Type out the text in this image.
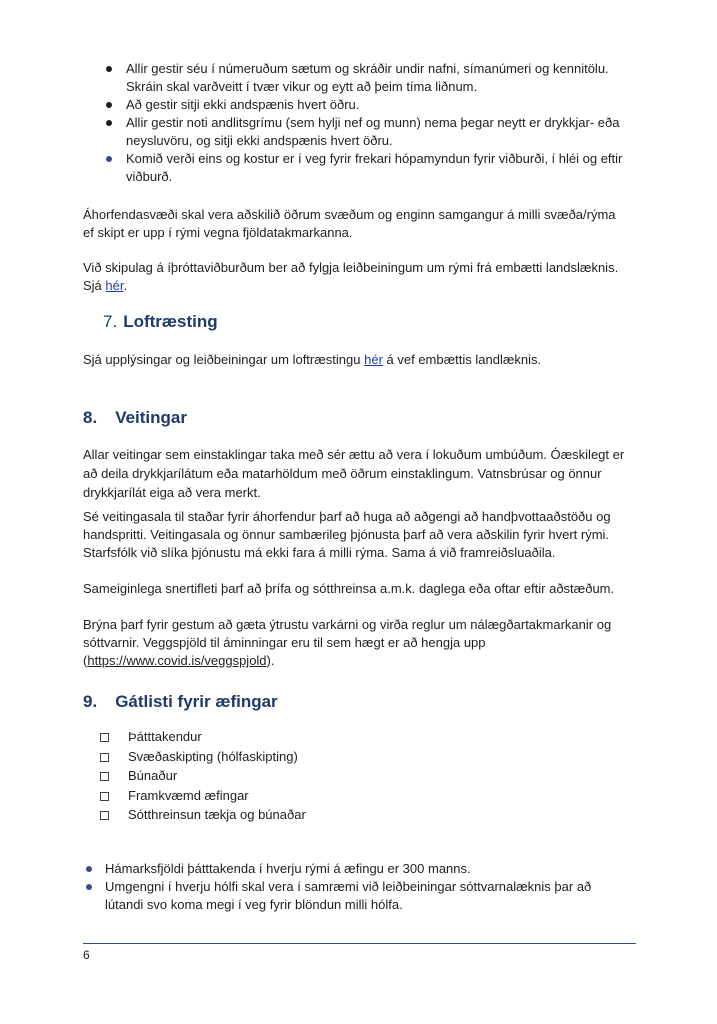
Allir gestir séu í númeruðum sætum og skráðir undir nafni, símanúmeri og kennitölu. Skráin skal varðveitt í tvær vikur og eytt að þeim tíma liðnum.
Að gestir sitji ekki andspænis hvert öðru.
Allir gestir noti andlitsgrímu (sem hylji nef og munn) nema þegar neytt er drykkjar- eða neysluvöru, og sitji ekki andspænis hvert öðru.
Komið verði eins og kostur er í veg fyrir frekari hópamyndun fyrir viðburði, í hléi og eftir viðburð.

Áhorfendasvæði skal vera aðskilið öðrum svæðum og enginn samgangur á milli svæða/rýma ef skipt er upp í rými vegna fjöldatakmarkanna.

Við skipulag á íþróttaviðburðum ber að fylgja leiðbeiningum um rými frá embætti landslæknis. Sjá hér.

7. Loftræsting

Sjá upplýsingar og leiðbeiningar um loftræstingu hér á vef embættis landlæknis.

8. Veitingar

Allar veitingar sem einstaklingar taka með sér ættu að vera í lokuðum umbúðum. Óæskilegt er að deila drykkjarílátum eða matarhöldum með öðrum einstaklingum. Vatnsbrúsar og önnur drykkjarílát eiga að vera merkt.

Sé veitingasala til staðar fyrir áhorfendur þarf að huga að aðgengi að handþvottaaðstöðu og handspritti. Veitingasala og önnur sambærileg þjónusta þarf að vera aðskilin fyrir hvert rými. Starfsfólk við slíka þjónustu má ekki fara á milli rýma. Sama á við framreiðsluaðila.

Sameiginlega snertifleti þarf að þrífa og sótthreinsa a.m.k. daglega eða oftar eftir aðstæðum.

Brýna þarf fyrir gestum að gæta ýtrustu varkárni og virða reglur um nálægðartakmarkanir og sóttvarnir. Veggspjöld til áminningar eru til sem hægt er að hengja upp (https://www.covid.is/veggspjold).

9. Gátlisti fyrir æfingar
Þátttakendur
Svæðaskipting (hólfaskipting)
Búnaður
Framkvæmd æfingar
Sótthreinsun tækja og búnaðar
Hámarksfjöldi þátttakenda í hverju rými á æfingu er 300 manns.
Umgengni í hverju hólfi skal vera í samræmi við leiðbeiningar sóttvarnalæknis þar að lútandi svo koma megi í veg fyrir blöndun milli hólfa.
6
